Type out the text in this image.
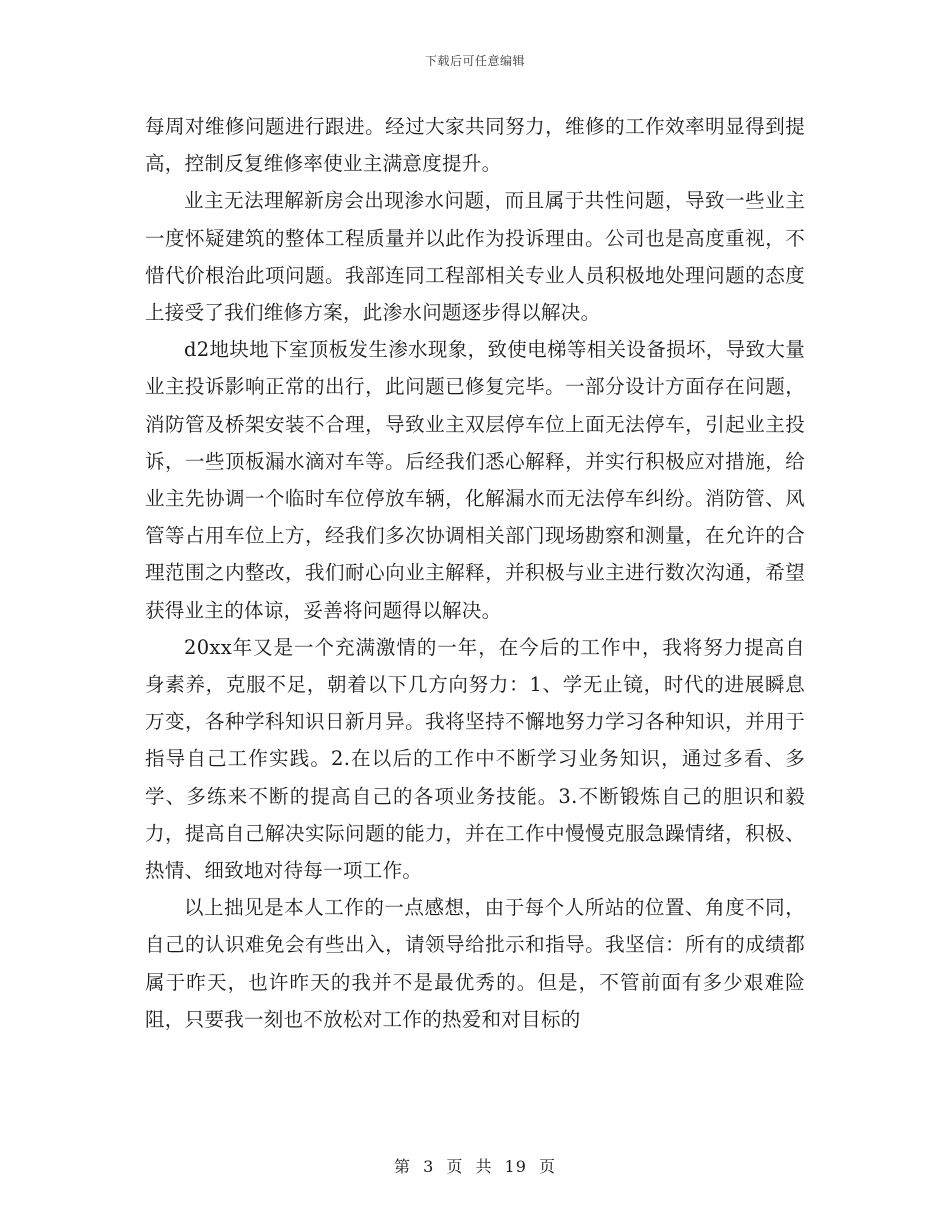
下载后可任意编辑

每周对维修问题进行跟进。经过大家共同努力，维修的工作效率明显得到提高，控制反复维修率使业主满意度提升。

业主无法理解新房会出现渗水问题，而且属于共性问题，导致一些业主一度怀疑建筑的整体工程质量并以此作为投诉理由。公司也是高度重视，不惜代价根治此项问题。我部连同工程部相关专业人员积极地处理问题的态度上接受了我们维修方案，此渗水问题逐步得以解决。

d2地块地下室顶板发生渗水现象，致使电梯等相关设备损坏，导致大量业主投诉影响正常的出行，此问题已修复完毕。一部分设计方面存在问题，消防管及桥架安装不合理，导致业主双层停车位上面无法停车，引起业主投诉，一些顶板漏水滴对车等。后经我们悉心解释，并实行积极应对措施，给业主先协调一个临时车位停放车辆，化解漏水而无法停车纠纷。消防管、风管等占用车位上方，经我们多次协调相关部门现场勘察和测量，在允许的合理范围之内整改，我们耐心向业主解释，并积极与业主进行数次沟通，希望获得业主的体谅，妥善将问题得以解决。

20xx年又是一个充满激情的一年，在今后的工作中，我将努力提高自身素养，克服不足，朝着以下几方向努力：1、学无止镜，时代的进展瞬息万变，各种学科知识日新月异。我将坚持不懈地努力学习各种知识，并用于指导自己工作实践。2.在以后的工作中不断学习业务知识，通过多看、多学、多练来不断的提高自己的各项业务技能。3.不断锻炼自己的胆识和毅力，提高自己解决实际问题的能力，并在工作中慢慢克服急躁情绪，积极、热情、细致地对待每一项工作。

以上拙见是本人工作的一点感想，由于每个人所站的位置、角度不同，自己的认识难免会有些出入，请领导给批示和指导。我坚信：所有的成绩都属于昨天，也许昨天的我并不是最优秀的。但是，不管前面有多少艰难险阻，只要我一刻也不放松对工作的热爱和对目标的

第 3 页 共 19 页
